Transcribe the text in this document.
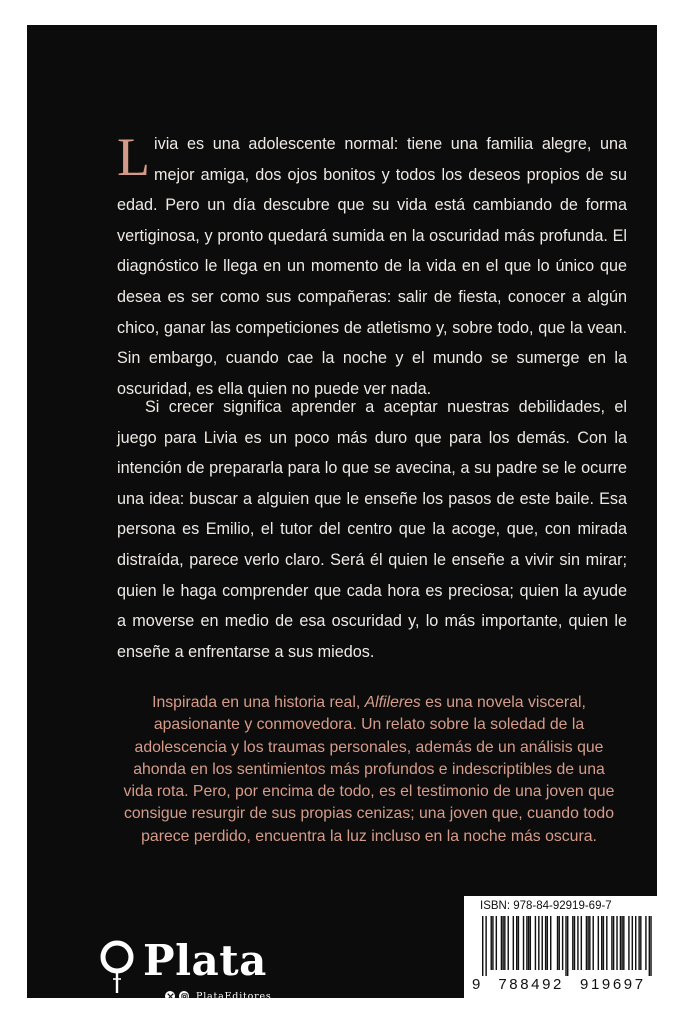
Livia es una adolescente normal: tiene una familia alegre, una mejor amiga, dos ojos bonitos y todos los deseos propios de su edad. Pero un día descubre que su vida está cambiando de forma vertiginosa, y pronto quedará sumida en la oscuridad más profunda. El diagnóstico le llega en un momento de la vida en el que lo único que desea es ser como sus compañeras: salir de fiesta, conocer a algún chico, ganar las competiciones de atletismo y, sobre todo, que la vean. Sin embargo, cuando cae la noche y el mundo se sumerge en la oscuridad, es ella quien no puede ver nada.

Si crecer significa aprender a aceptar nuestras debilidades, el juego para Livia es un poco más duro que para los demás. Con la intención de prepararla para lo que se avecina, a su padre se le ocurre una idea: buscar a alguien que le enseñe los pasos de este baile. Esa persona es Emilio, el tutor del centro que la acoge, que, con mirada distraída, parece verlo claro. Será él quien le enseñe a vivir sin mirar; quien le haga comprender que cada hora es preciosa; quien la ayude a moverse en medio de esa oscuridad y, lo más importante, quien le enseñe a enfrentarse a sus miedos.

Inspirada en una historia real, Alfileres es una novela visceral, apasionante y conmovedora. Un relato sobre la soledad de la adolescencia y los traumas personales, además de un análisis que ahonda en los sentimientos más profundos e indescriptibles de una vida rota. Pero, por encima de todo, es el testimonio de una joven que consigue resurgir de sus propias cenizas; una joven que, cuando todo parece perdido, encuentra la luz incluso en la noche más oscura.

Plata
PlataEditores
ISBN: 978-84-92919-69-7
9 788492 919697
